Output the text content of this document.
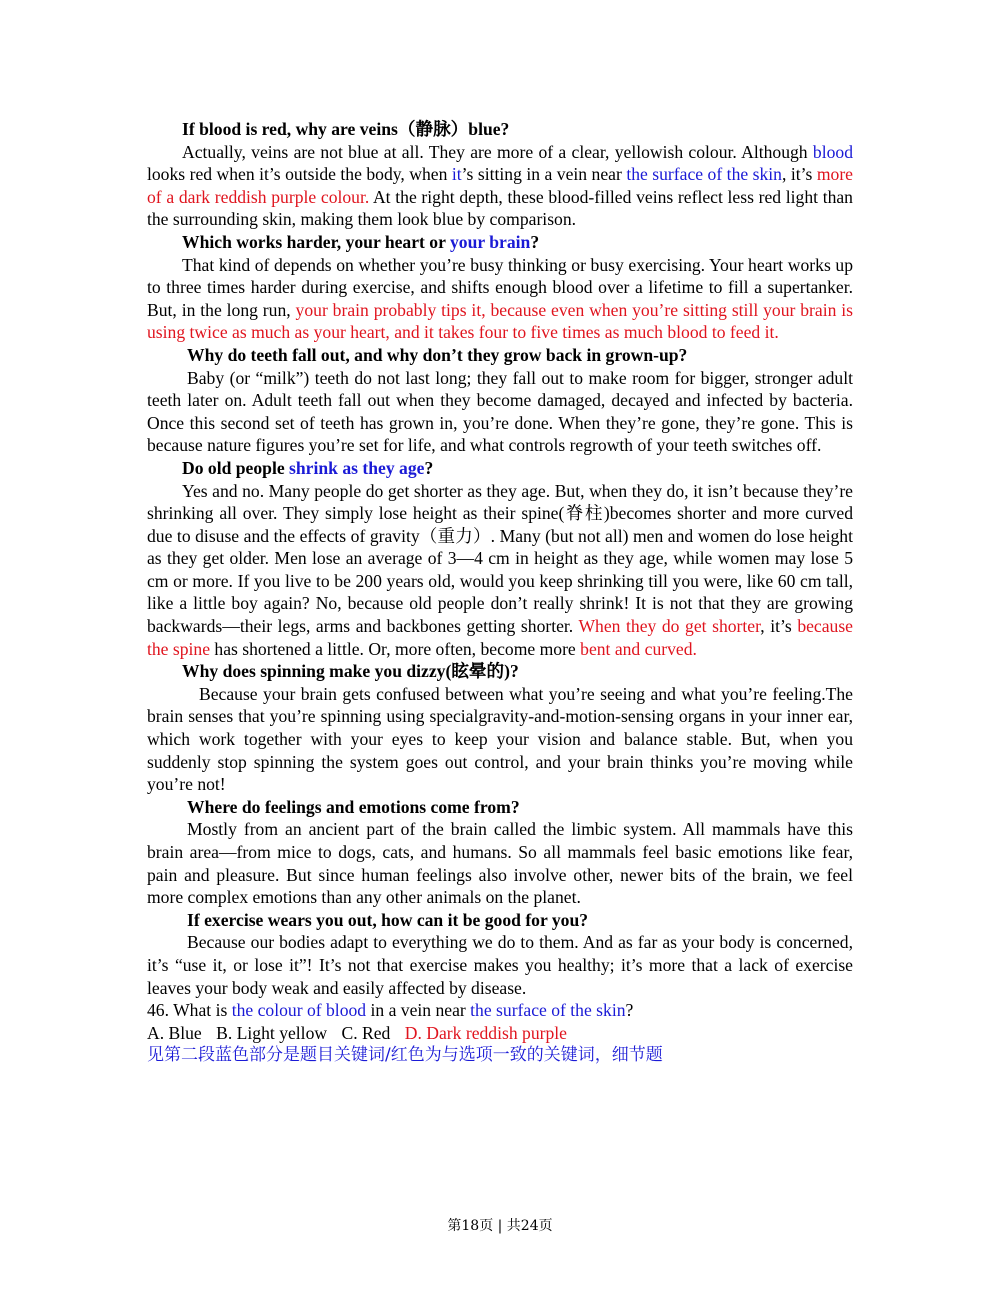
If blood is red, why are veins（静脉）blue?

Actually, veins are not blue at all. They are more of a clear, yellowish colour. Although blood looks red when it’s outside the body, when it’s sitting in a vein near the surface of the skin, it’s more of a dark reddish purple colour. At the right depth, these blood-filled veins reflect less red light than the surrounding skin, making them look blue by comparison.

Which works harder, your heart or your brain?

That kind of depends on whether you’re busy thinking or busy exercising. Your heart works up to three times harder during exercise, and shifts enough blood over a lifetime to fill a supertanker. But, in the long run, your brain probably tips it, because even when you’re sitting still your brain is using twice as much as your heart, and it takes four to five times as much blood to feed it.

Why do teeth fall out, and why don’t they grow back in grown-up?

Baby (or “milk”) teeth do not last long; they fall out to make room for bigger, stronger adult teeth later on. Adult teeth fall out when they become damaged, decayed and infected by bacteria. Once this second set of teeth has grown in, you’re done. When they’re gone, they’re gone. This is because nature figures you’re set for life, and what controls regrowth of your teeth switches off.

Do old people shrink as they age?

Yes and no. Many people do get shorter as they age. But, when they do, it isn’t because they’re shrinking all over. They simply lose height as their spine(脊柱)becomes shorter and more curved due to disuse and the effects of gravity（重力）. Many (but not all) men and women do lose height as they get older. Men lose an average of 3—4 cm in height as they age, while women may lose 5 cm or more. If you live to be 200 years old, would you keep shrinking till you were, like 60 cm tall, like a little boy again? No, because old people don’t really shrink! It is not that they are growing backwards—their legs, arms and backbones getting shorter. When they do get shorter, it’s because the spine has shortened a little. Or, more often, become more bent and curved.

Why does spinning make you dizzy(眩晕的)?

Because your brain gets confused between what you’re seeing and what you’re feeling.The brain senses that you’re spinning using specialgravity-and-motion-sensing organs in your inner ear, which work together with your eyes to keep your vision and balance stable. But, when you suddenly stop spinning the system goes out control, and your brain thinks you’re moving while you’re not!

Where do feelings and emotions come from?

Mostly from an ancient part of the brain called the limbic system. All mammals have this brain area—from mice to dogs, cats, and humans. So all mammals feel basic emotions like fear, pain and pleasure. But since human feelings also involve other, newer bits of the brain, we feel more complex emotions than any other animals on the planet.

If exercise wears you out, how can it be good for you?

Because our bodies adapt to everything we do to them. And as far as your body is concerned, it’s “use it, or lose it”! It’s not that exercise makes you healthy; it’s more that a lack of exercise leaves your body weak and easily affected by disease.

46. What is the colour of blood in a vein near the surface of the skin?
A. Blue B. Light yellow C. Red D. Dark reddish purple
见第二段蓝色部分是题目关键词/红色为与选项一致的关键词，细节题
第18页 | 共24页
